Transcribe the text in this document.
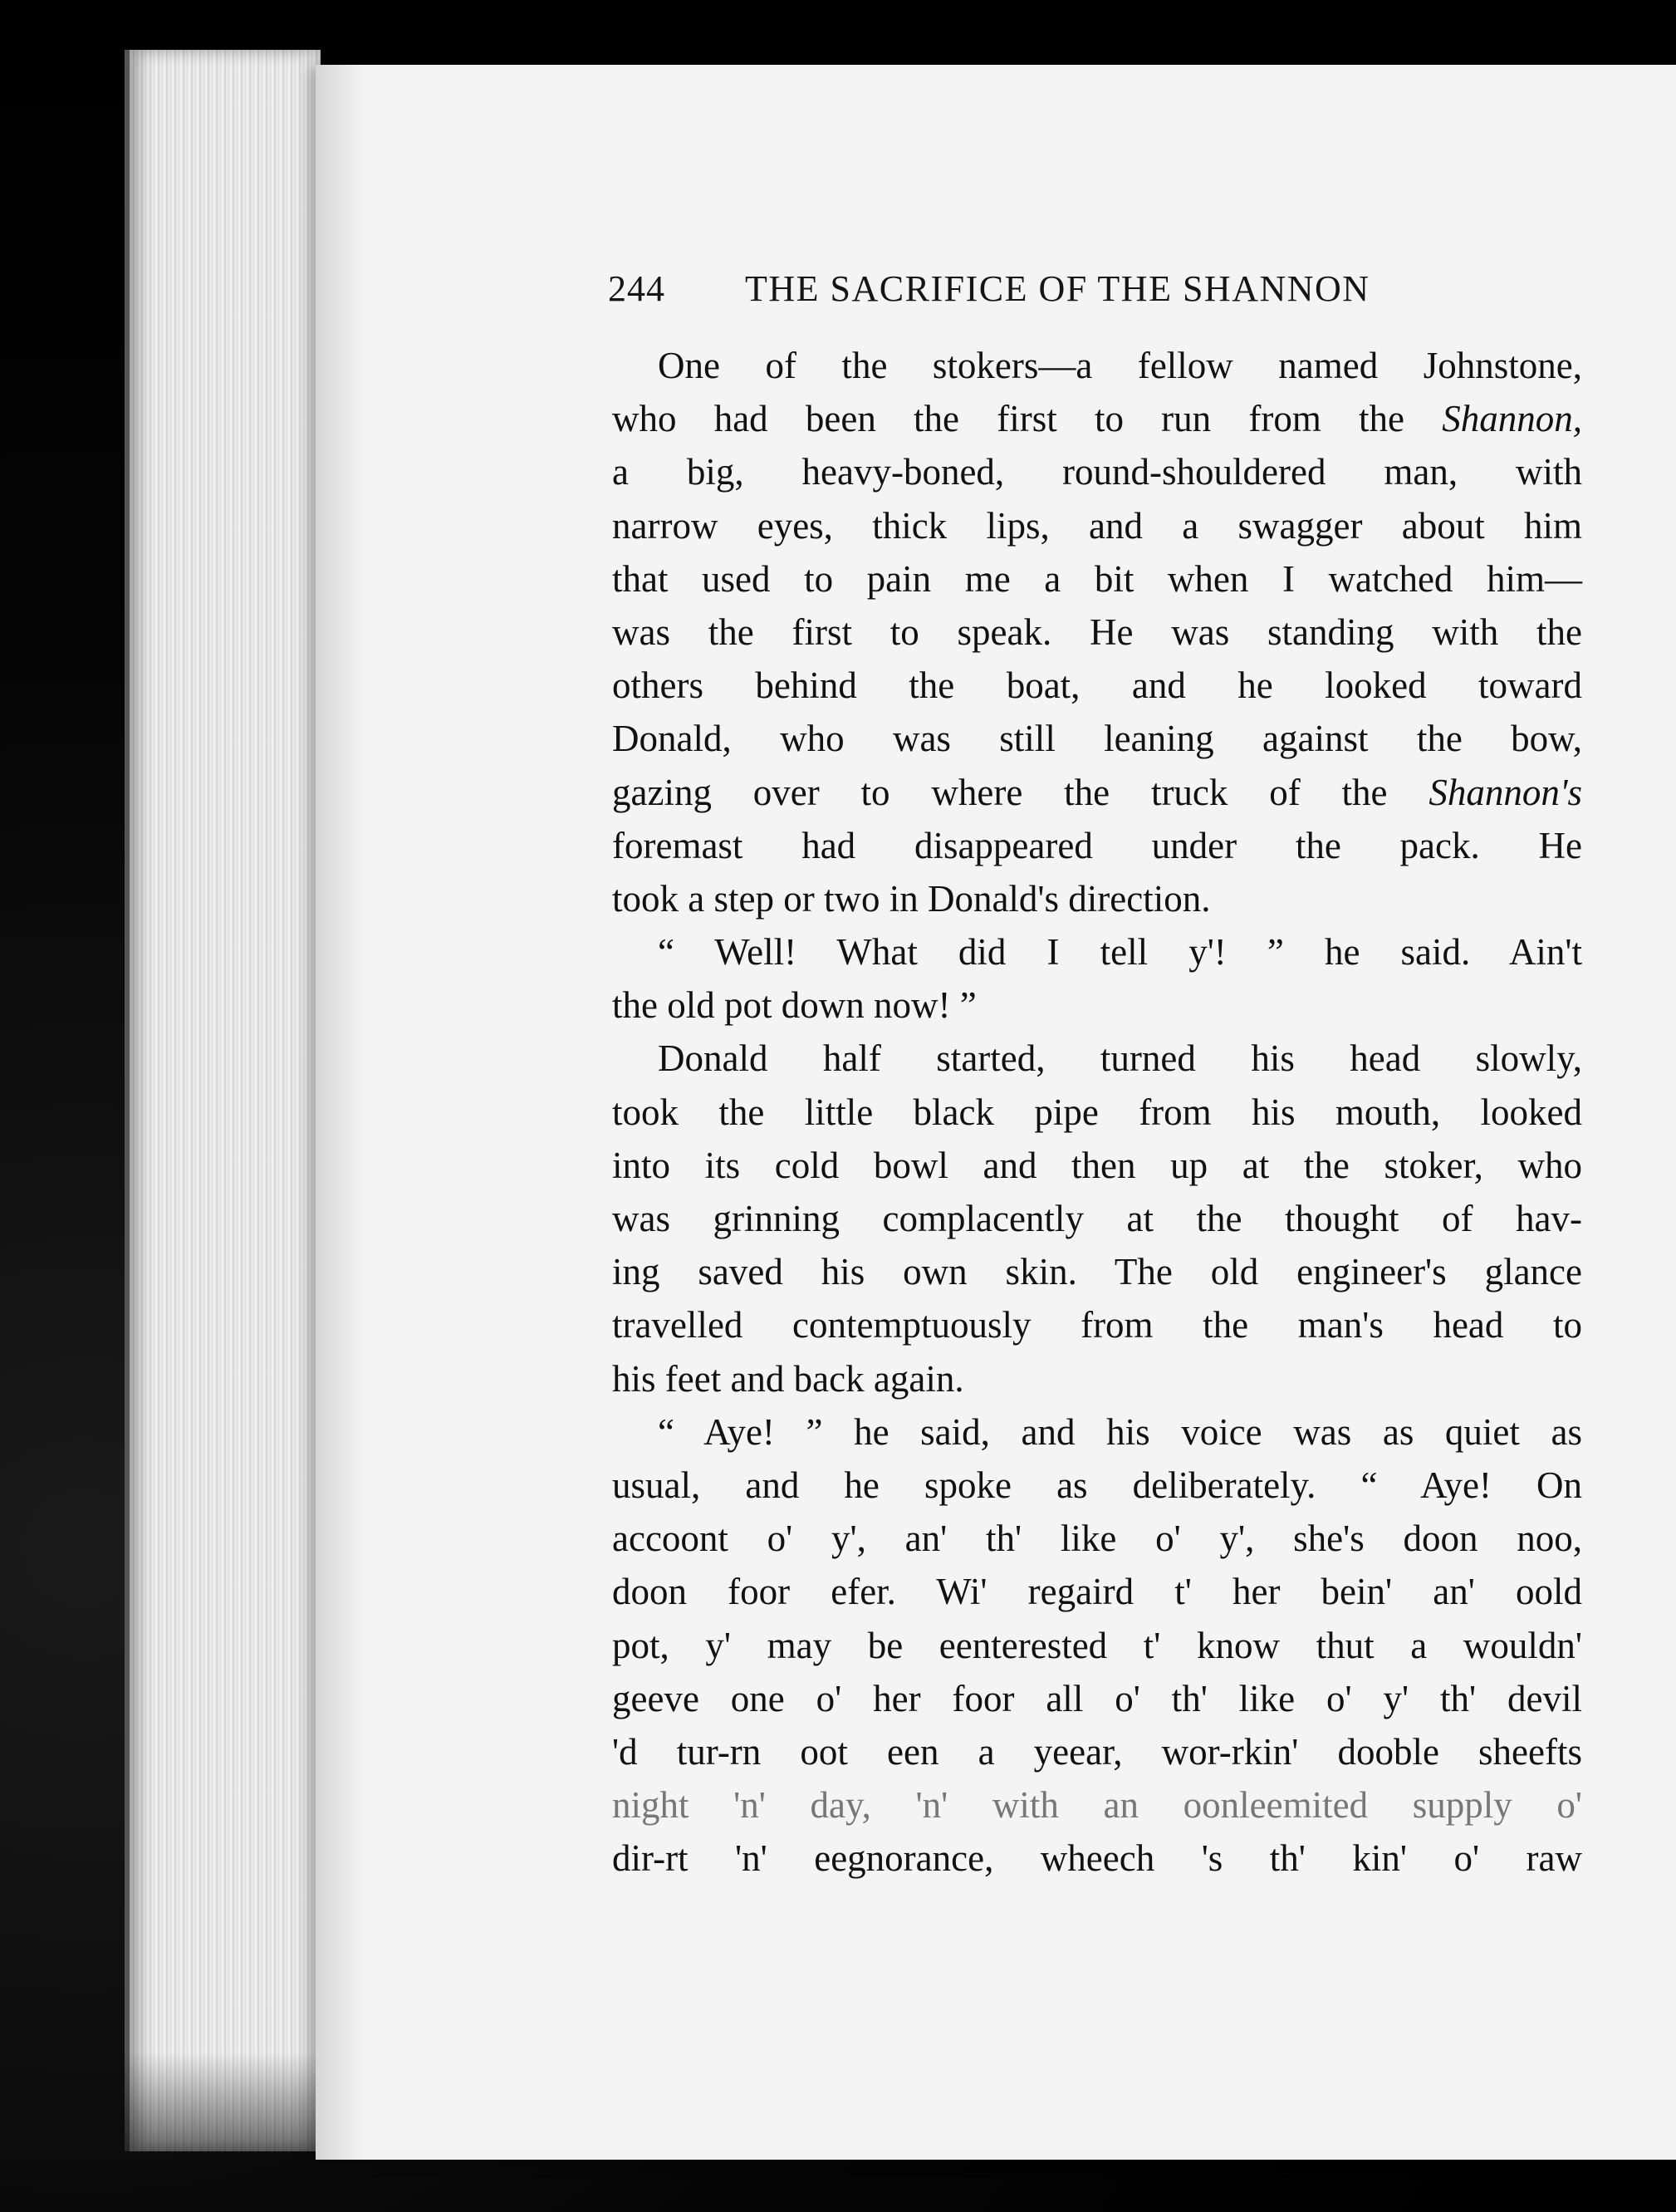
244 THE SACRIFICE OF THE SHANNON
One of the stokers—a fellow named Johnstone,
who had been the first to run from the Shannon,
a big, heavy-boned, round-shouldered man, with
narrow eyes, thick lips, and a swagger about him
that used to pain me a bit when I watched him—
was the first to speak. He was standing with the
others behind the boat, and he looked toward
Donald, who was still leaning against the bow,
gazing over to where the truck of the Shannon's
foremast had disappeared under the pack. He
took a step or two in Donald's direction.
“ Well! What did I tell y'! ” he said. Ain't
the old pot down now! ”
Donald half started, turned his head slowly,
took the little black pipe from his mouth, looked
into its cold bowl and then up at the stoker, who
was grinning complacently at the thought of hav-
ing saved his own skin. The old engineer's glance
travelled contemptuously from the man's head to
his feet and back again.
“ Aye! ” he said, and his voice was as quiet as
usual, and he spoke as deliberately. “ Aye! On
accoont o' y', an' th' like o' y', she's doon noo,
doon foor efer. Wi' regaird t' her bein' an' oold
pot, y' may be eenterested t' know thut a wouldn'
geeve one o' her foor all o' th' like o' y' th' devil
'd tur-rn oot een a yeear, wor-rkin' dooble sheefts
night 'n' day, 'n' with an oonleemited supply o'
dir-rt 'n' eegnorance, wheech 's th' kin' o' raw
